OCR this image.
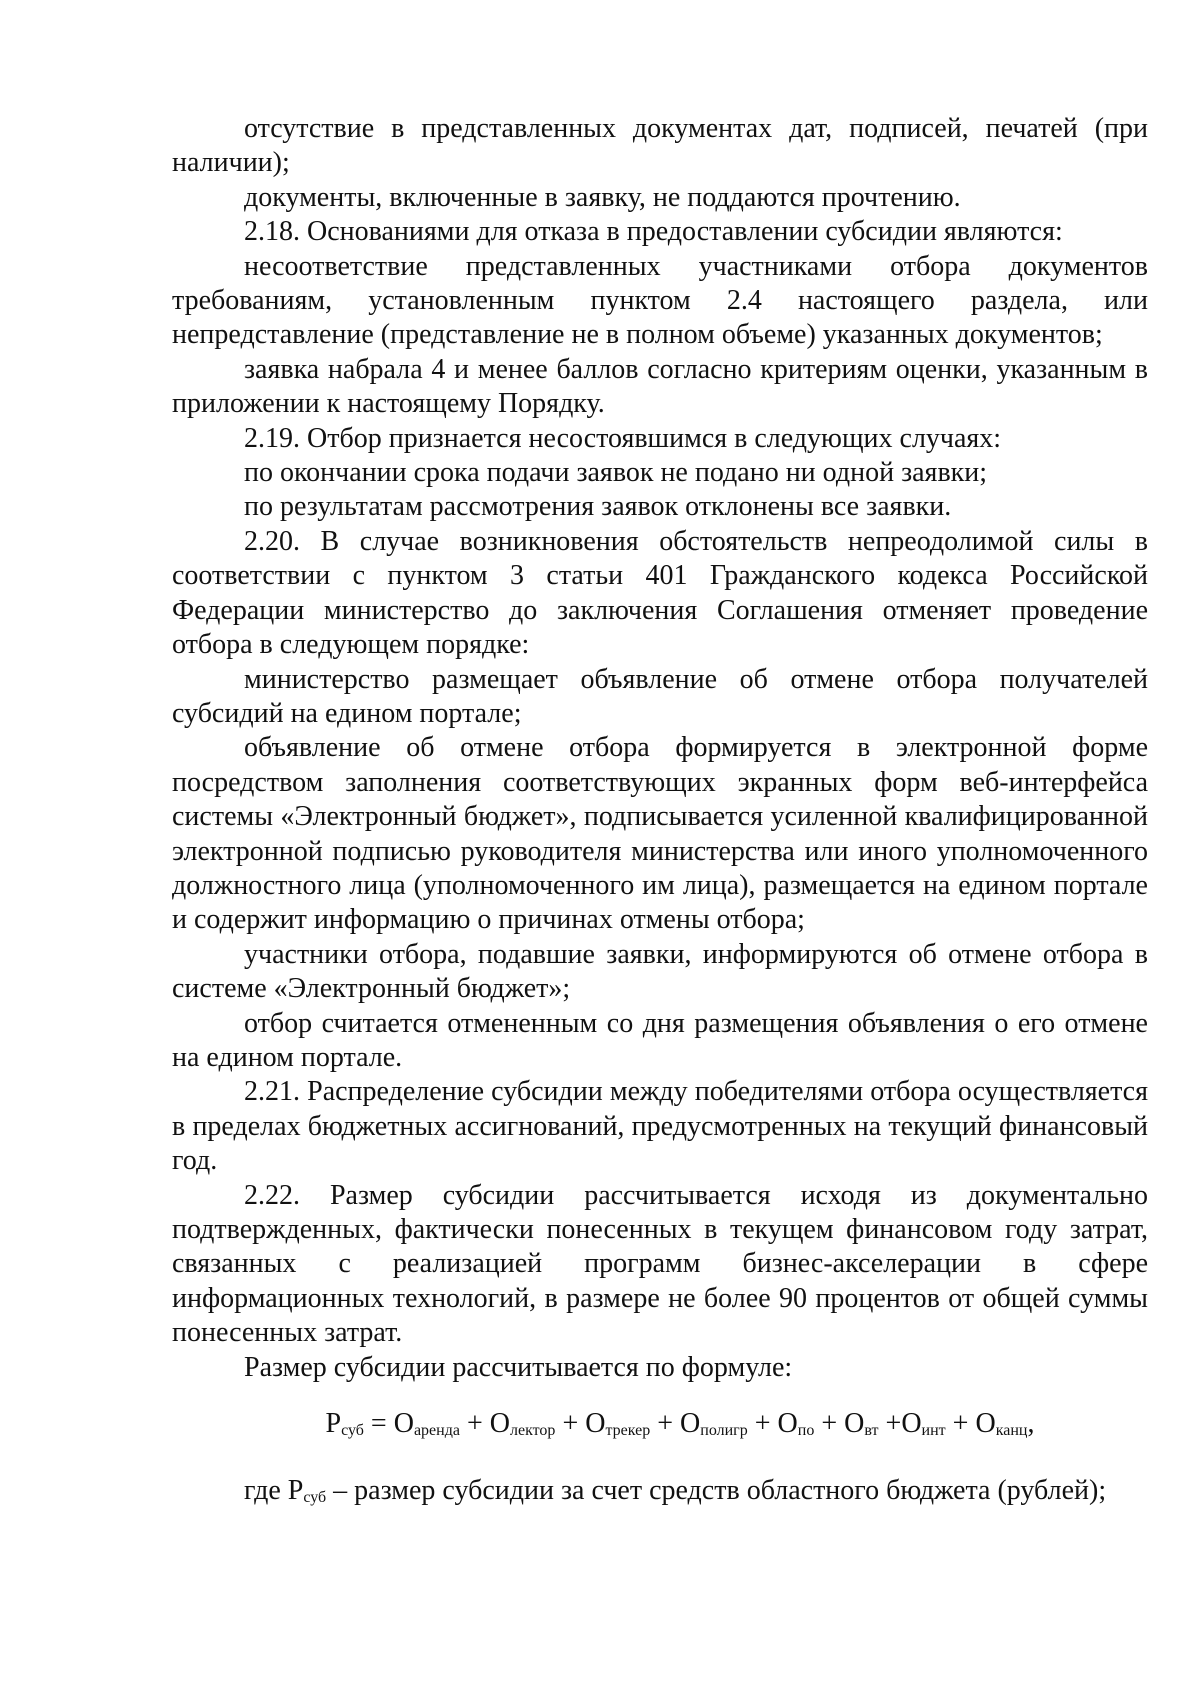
отсутствие в представленных документах дат, подписей, печатей (при наличии);

документы, включенные в заявку, не поддаются прочтению.

2.18. Основаниями для отказа в предоставлении субсидии являются:

несоответствие представленных участниками отбора документов требованиям, установленным пунктом 2.4 настоящего раздела, или непредставление (представление не в полном объеме) указанных документов;

заявка набрала 4 и менее баллов согласно критериям оценки, указанным в приложении к настоящему Порядку.

2.19. Отбор признается несостоявшимся в следующих случаях:

по окончании срока подачи заявок не подано ни одной заявки;

по результатам рассмотрения заявок отклонены все заявки.

2.20. В случае возникновения обстоятельств непреодолимой силы в соответствии с пунктом 3 статьи 401 Гражданского кодекса Российской Федерации министерство до заключения Соглашения отменяет проведение отбора в следующем порядке:

министерство размещает объявление об отмене отбора получателей субсидий на едином портале;

объявление об отмене отбора формируется в электронной форме посредством заполнения соответствующих экранных форм веб-интерфейса системы «Электронный бюджет», подписывается усиленной квалифицированной электронной подписью руководителя министерства или иного уполномоченного должностного лица (уполномоченного им лица), размещается на едином портале и содержит информацию о причинах отмены отбора;

участники отбора, подавшие заявки, информируются об отмене отбора в системе «Электронный бюджет»;

отбор считается отмененным со дня размещения объявления о его отмене на едином портале.

2.21. Распределение субсидии между победителями отбора осуществляется в пределах бюджетных ассигнований, предусмотренных на текущий финансовый год.

2.22. Размер субсидии рассчитывается исходя из документально подтвержденных, фактически понесенных в текущем финансовом году затрат, связанных с реализацией программ бизнес-акселерации в сфере информационных технологий, в размере не более 90 процентов от общей суммы понесенных затрат.

Размер субсидии рассчитывается по формуле:

$Р_{суб} = О_{аренда} + О_{лектор} + О_{трекер} + О_{полигр} + О_{по} + О_{вт} +О_{инт} + О_{канц}$,

где $Р_{суб}$ – размер субсидии за счет средств областного бюджета (рублей);
